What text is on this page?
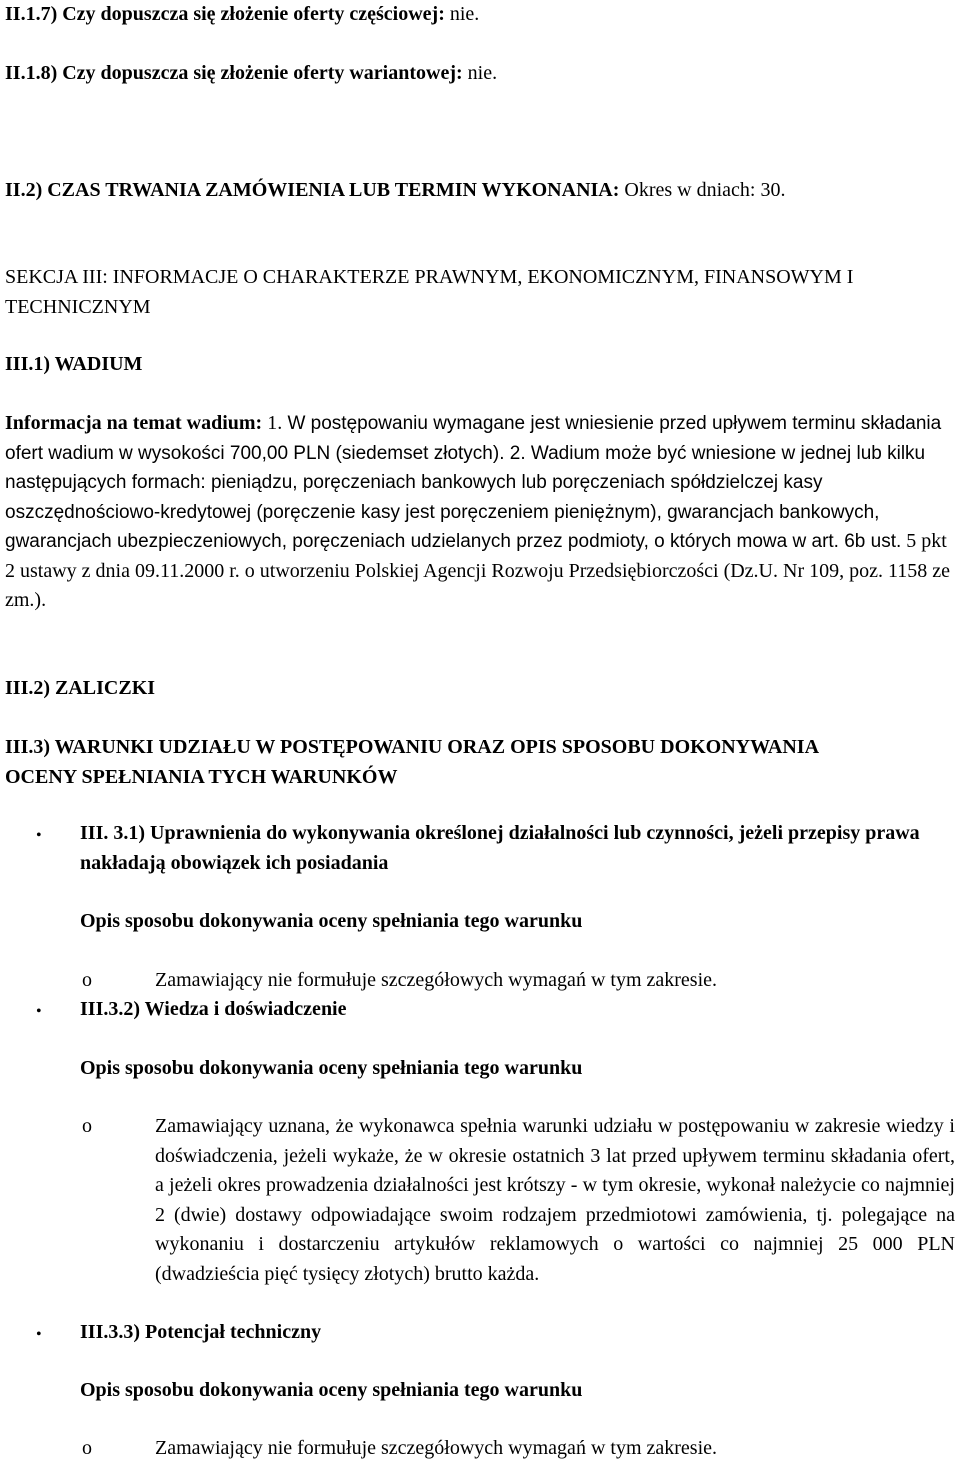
II.1.7) Czy dopuszcza się złożenie oferty częściowej: nie.

II.1.8) Czy dopuszcza się złożenie oferty wariantowej: nie.

II.2) CZAS TRWANIA ZAMÓWIENIA LUB TERMIN WYKONANIA: Okres w dniach: 30.

SEKCJA III: INFORMACJE O CHARAKTERZE PRAWNYM, EKONOMICZNYM, FINANSOWYM I TECHNICZNYM

III.1) WADIUM

Informacja na temat wadium: 1. W postępowaniu wymagane jest wniesienie przed upływem terminu składania ofert wadium w wysokości 700,00 PLN (siedemset złotych). 2. Wadium może być wniesione w jednej lub kilku następujących formach: pieniądzu, poręczeniach bankowych lub poręczeniach spółdzielczej kasy oszczędnościowo-kredytowej (poręczenie kasy jest poręczeniem pieniężnym), gwarancjach bankowych, gwarancjach ubezpieczeniowych, poręczeniach udzielanych przez podmioty, o których mowa w art. 6b ust. 5 pkt 2 ustawy z dnia 09.11.2000 r. o utworzeniu Polskiej Agencji Rozwoju Przedsiębiorczości (Dz.U. Nr 109, poz. 1158 ze zm.).

III.2) ZALICZKI

III.3) WARUNKI UDZIAŁU W POSTĘPOWANIU ORAZ OPIS SPOSOBU DOKONYWANIA OCENY SPEŁNIANIA TYCH WARUNKÓW

• III. 3.1) Uprawnienia do wykonywania określonej działalności lub czynności, jeżeli przepisy prawa nakładają obowiązek ich posiadania

Opis sposobu dokonywania oceny spełniania tego warunku

o	Zamawiający nie formułuje szczegółowych wymagań w tym zakresie.

• III.3.2) Wiedza i doświadczenie

Opis sposobu dokonywania oceny spełniania tego warunku

o	Zamawiający uznana, że wykonawca spełnia warunki udziału w postępowaniu w zakresie wiedzy i doświadczenia, jeżeli wykaże, że w okresie ostatnich 3 lat przed upływem terminu składania ofert, a jeżeli okres prowadzenia działalności jest krótszy - w tym okresie, wykonał należycie co najmniej 2 (dwie) dostawy odpowiadające swoim rodzajem przedmiotowi zamówienia, tj. polegające na wykonaniu i dostarczeniu artykułów reklamowych o wartości co najmniej 25 000 PLN (dwadzieścia pięć tysięcy złotych) brutto każda.

• III.3.3) Potencjał techniczny

Opis sposobu dokonywania oceny spełniania tego warunku

o	Zamawiający nie formułuje szczegółowych wymagań w tym zakresie.
